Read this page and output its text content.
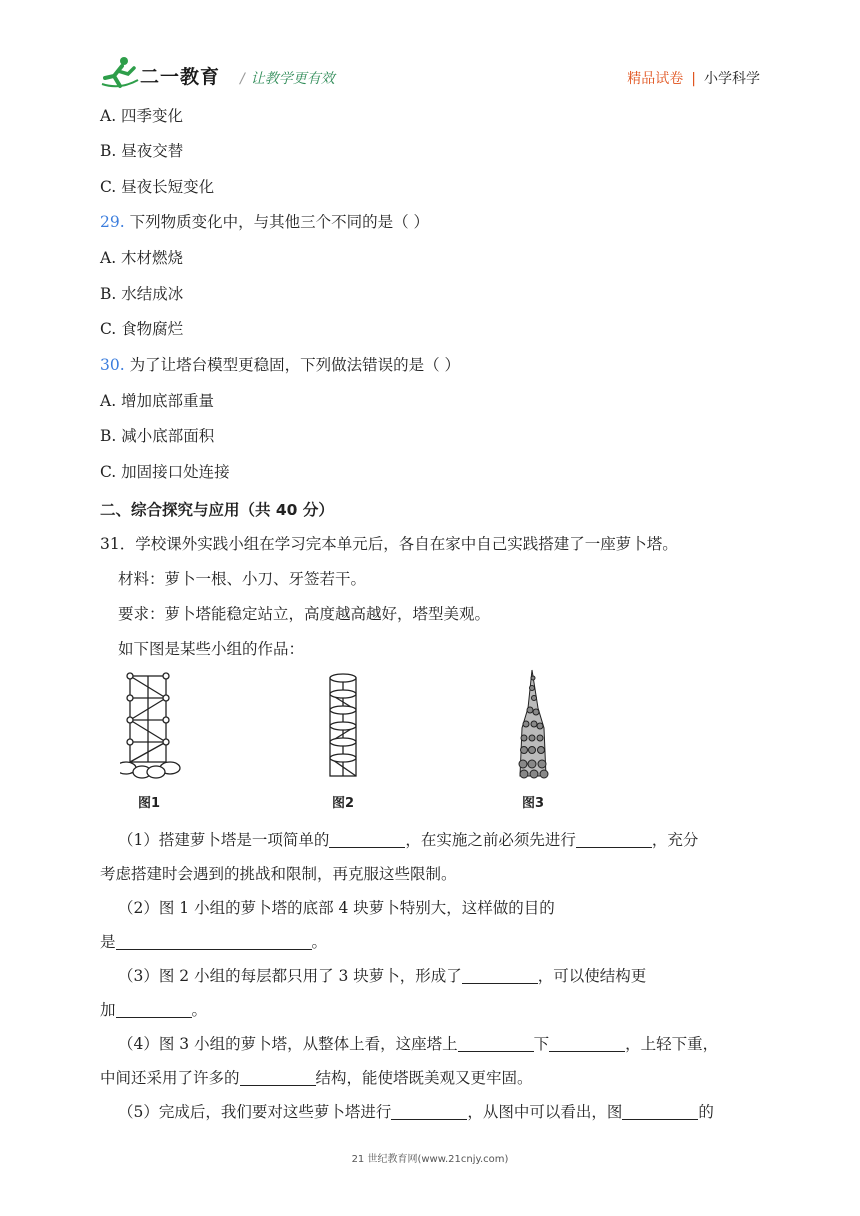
二一教育 / 让教学更有效	精品试卷 | 小学科学
A. 四季变化
B. 昼夜交替
C. 昼夜长短变化
29. 下列物质变化中，与其他三个不同的是（ ）
A. 木材燃烧
B. 水结成冰
C. 食物腐烂
30. 为了让塔台模型更稳固，下列做法错误的是（ ）
A. 增加底部重量
B. 减小底部面积
C. 加固接口处连接
二、综合探究与应用（共 40 分）
31．学校课外实践小组在学习完本单元后，各自在家中自己实践搭建了一座萝卜塔。
材料：萝卜一根、小刀、牙签若干。
要求：萝卜塔能稳定站立，高度越高越好，塔型美观。
如下图是某些小组的作品：
图1	图2	图3
（1）搭建萝卜塔是一项简单的	，在实施之前必须先进行	，充分
考虑搭建时会遇到的挑战和限制，再克服这些限制。
（2）图 1 小组的萝卜塔的底部 4 块萝卜特别大，这样做的目的
是	。
（3）图 2 小组的每层都只用了 3 块萝卜，形成了	，可以使结构更
加	。
（4）图 3 小组的萝卜塔，从整体上看，这座塔上	下	，上轻下重，
中间还采用了许多的	结构，能使塔既美观又更牢固。
（5）完成后，我们要对这些萝卜塔进行	，从图中可以看出，图	的
21 世纪教育网(www.21cnjy.com)
